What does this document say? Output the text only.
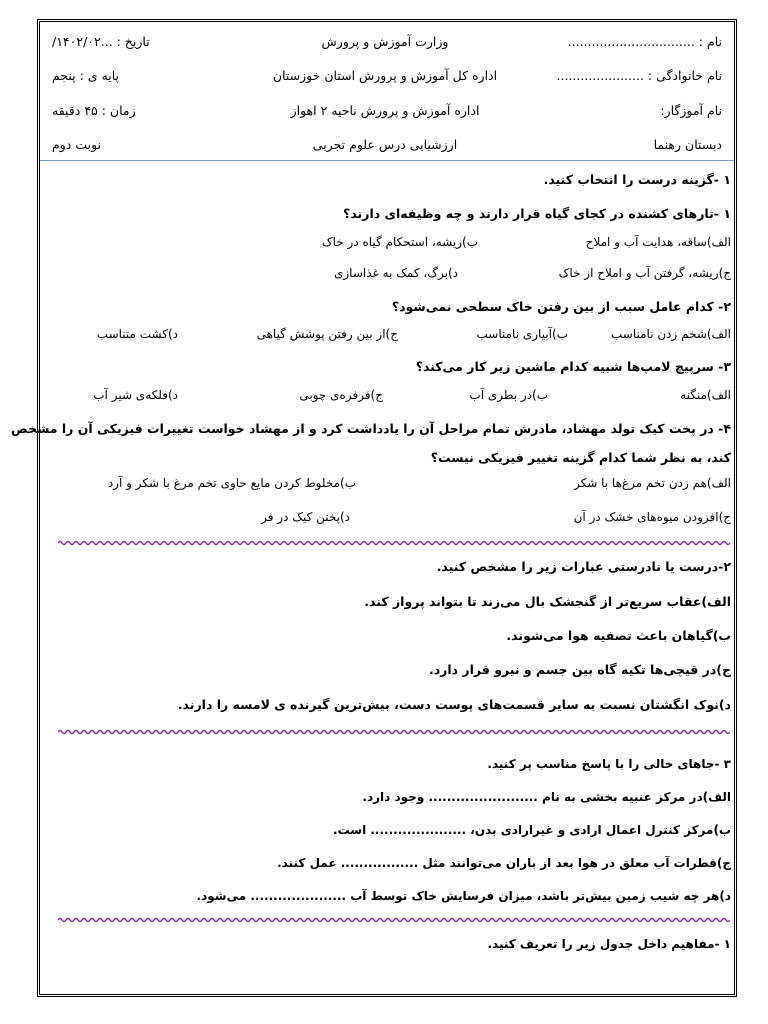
نام : ................................
وزارت آموزش و پرورش
تاریخ : ...۱۴۰۲/۰۲/
نام خانوادگی : ......................
اداره کل آموزش و پرورش استان خوزستان
پایه ی : پنجم
نام آموزگار:
اداره آموزش و پرورش ناحیه ۲ اهواز
زمان : ۴۵ دقیقه
دبستان رهنما
ارزشیابی درس علوم تجربی
نوبت دوم
۱ -گزینه درست را انتخاب کنید.
۱ -تارهای کشنده در کجای گیاه قرار دارند و چه وظیفه‌ای دارند؟
الف)ساقه، هدایت آب و املاح
ب)ریشه، استحکام گیاه در خاک
ج)ریشه، گرفتن آب و املاح از خاک
د)برگ، کمک به غذاسازی
۲- کدام عامل سبب از بین رفتن خاک سطحی نمی‌شود؟
الف)شخم زدن نامناسب
ب)آبیاری نامناسب
ج)از بین رفتن پوشش گیاهی
د)کشت متناسب
۳- سرپیچ لامپ‌ها شبیه کدام ماشین زیر کار می‌کند؟
الف)منگنه
ب)در بطری آب
ج)فرفره‌ی چوبی
د)فلکه‌ی شیر آب
۴- در پخت کیک تولد مهشاد، مادرش تمام مراحل آن را یادداشت کرد و از مهشاد خواست تغییرات فیزیکی آن را مشخص
کند، به نظر شما کدام گزینه تغییر فیزیکی نیست؟
الف)هم زدن تخم مرغ‌ها با شکر
ب)مخلوط کردن مایع حاوی تخم مرغ با شکر و آرد
ج)افزودن میوه‌های خشک در آن
د)پختن کیک در فر
۲-درست یا نادرستی عبارات زیر را مشخص کنید.
الف)عقاب سریع‌تر از گنجشک بال می‌زند تا بتواند پرواز کند.
ب)گیاهان باعث تصفیه هوا می‌شوند.
ج)در قیچی‌ها تکیه گاه بین جسم و نیرو قرار دارد.
د)نوک انگشتان نسبت به سایر قسمت‌های پوست دست، بیش‌ترین گیرنده ی لامسه را دارند.
۳ -جاهای خالی را با پاسخ مناسب پر کنید.
الف)در مرکز عنبیه بخشی به نام ........................ وجود دارد.
ب)مرکز کنترل اعمال ارادی و غیرارادی بدن، ..................... است.
ج)قطرات آب معلق در هوا بعد از باران می‌توانند مثل ................. عمل کنند.
د)هر چه شیب زمین بیش‌تر باشد، میزان فرسایش خاک توسط آب ..................... می‌شود.
۱ -مفاهیم داخل جدول زیر را تعریف کنید.
